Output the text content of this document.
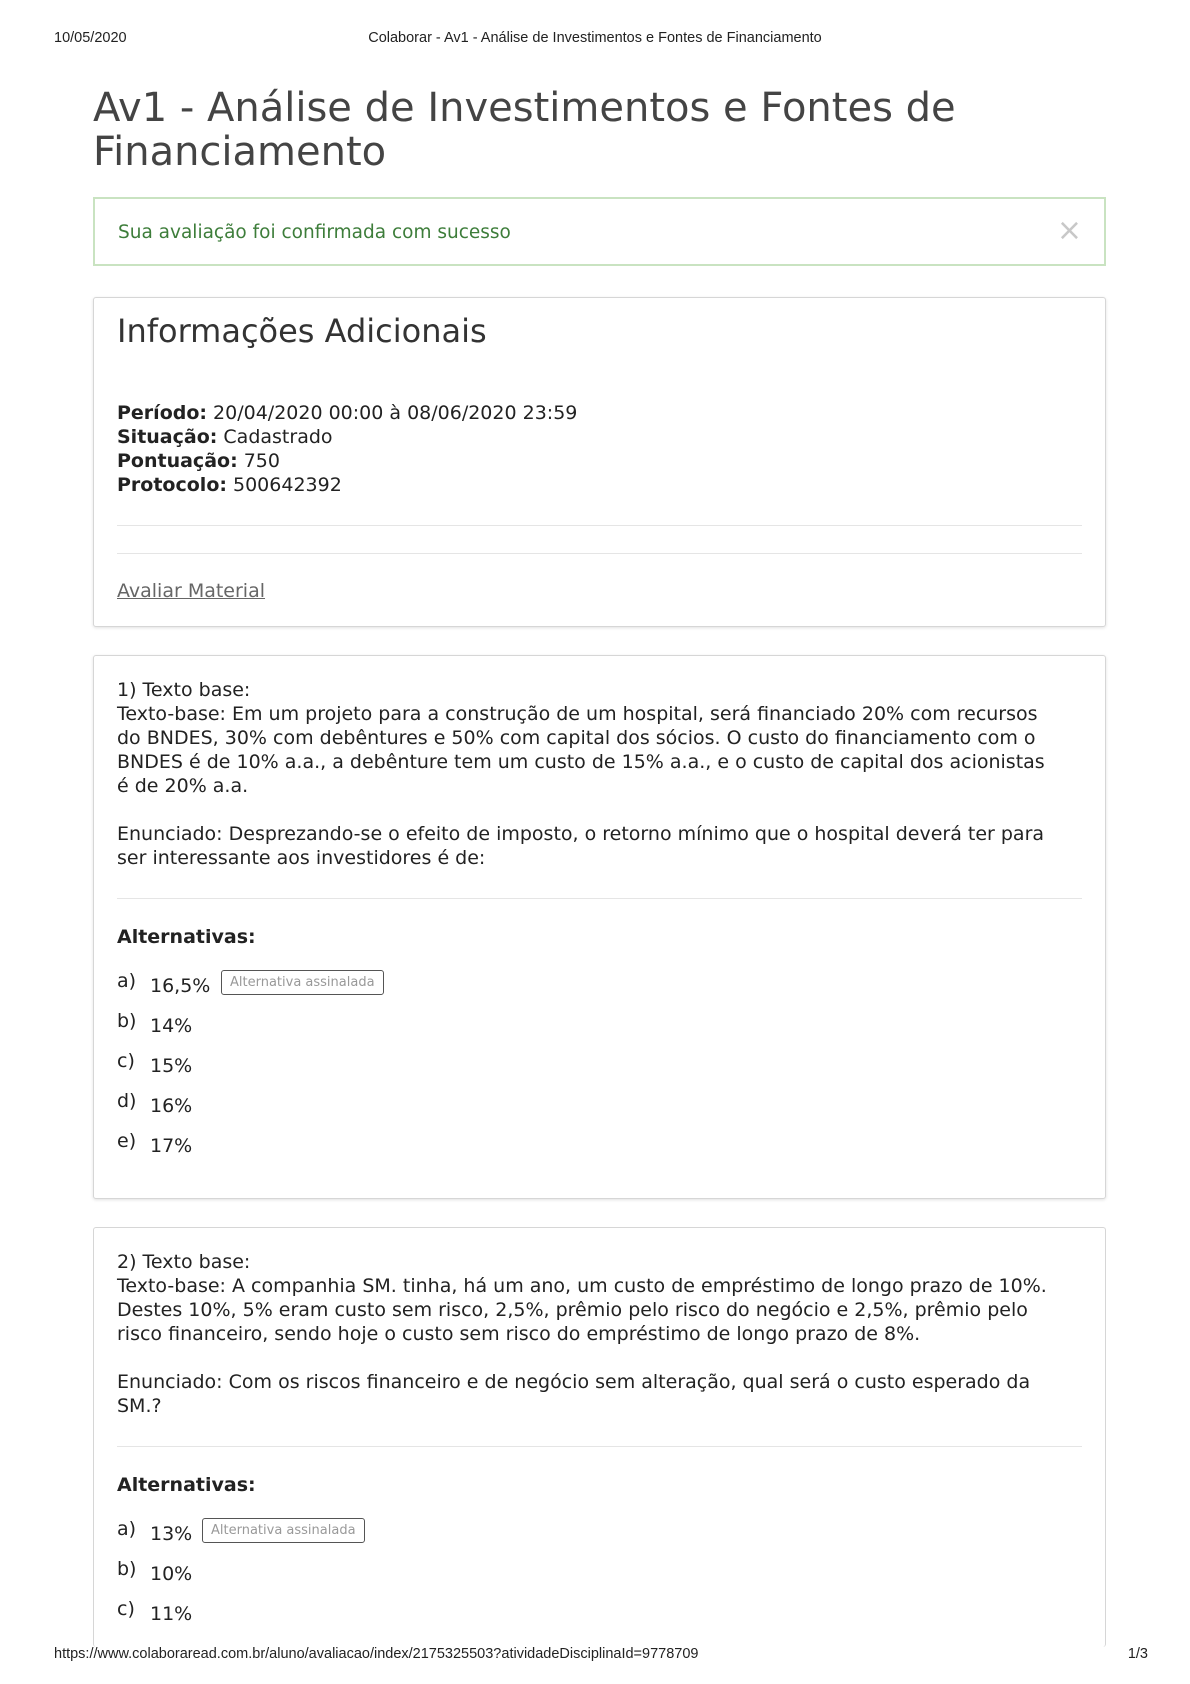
10/05/2020	Colaborar - Av1 - Análise de Investimentos e Fontes de Financiamento
Av1 - Análise de Investimentos e Fontes de
Financiamento
Sua avaliação foi confirmada com sucesso	×
Informações Adicionais
Período: 20/04/2020 00:00 à 08/06/2020 23:59
Situação: Cadastrado
Pontuação: 750
Protocolo: 500642392
Avaliar Material

1) Texto base:

Texto-base: Em um projeto para a construção de um hospital, será financiado 20% com recursos

do BNDES, 30% com debêntures e 50% com capital dos sócios. O custo do financiamento com o

BNDES é de 10% a.a., a debênture tem um custo de 15% a.a., e o custo de capital dos acionistas

é de 20% a.a.

Enunciado: Desprezando-se o efeito de imposto, o retorno mínimo que o hospital deverá ter para

ser interessante aos investidores é de:

Alternativas:
a) 16,5%	Alternativa assinalada
b) 14%
c) 15%
d) 16%
e) 17%

2) Texto base:

Texto-base: A companhia SM. tinha, há um ano, um custo de empréstimo de longo prazo de 10%.

Destes 10%, 5% eram custo sem risco, 2,5%, prêmio pelo risco do negócio e 2,5%, prêmio pelo

risco financeiro, sendo hoje o custo sem risco do empréstimo de longo prazo de 8%.

Enunciado: Com os riscos financeiro e de negócio sem alteração, qual será o custo esperado da

SM.?

Alternativas:
a) 13%	Alternativa assinalada
b) 10%
c) 11%
https://www.colaboraread.com.br/aluno/avaliacao/index/2175325503?atividadeDisciplinaId=9778709	1/3
